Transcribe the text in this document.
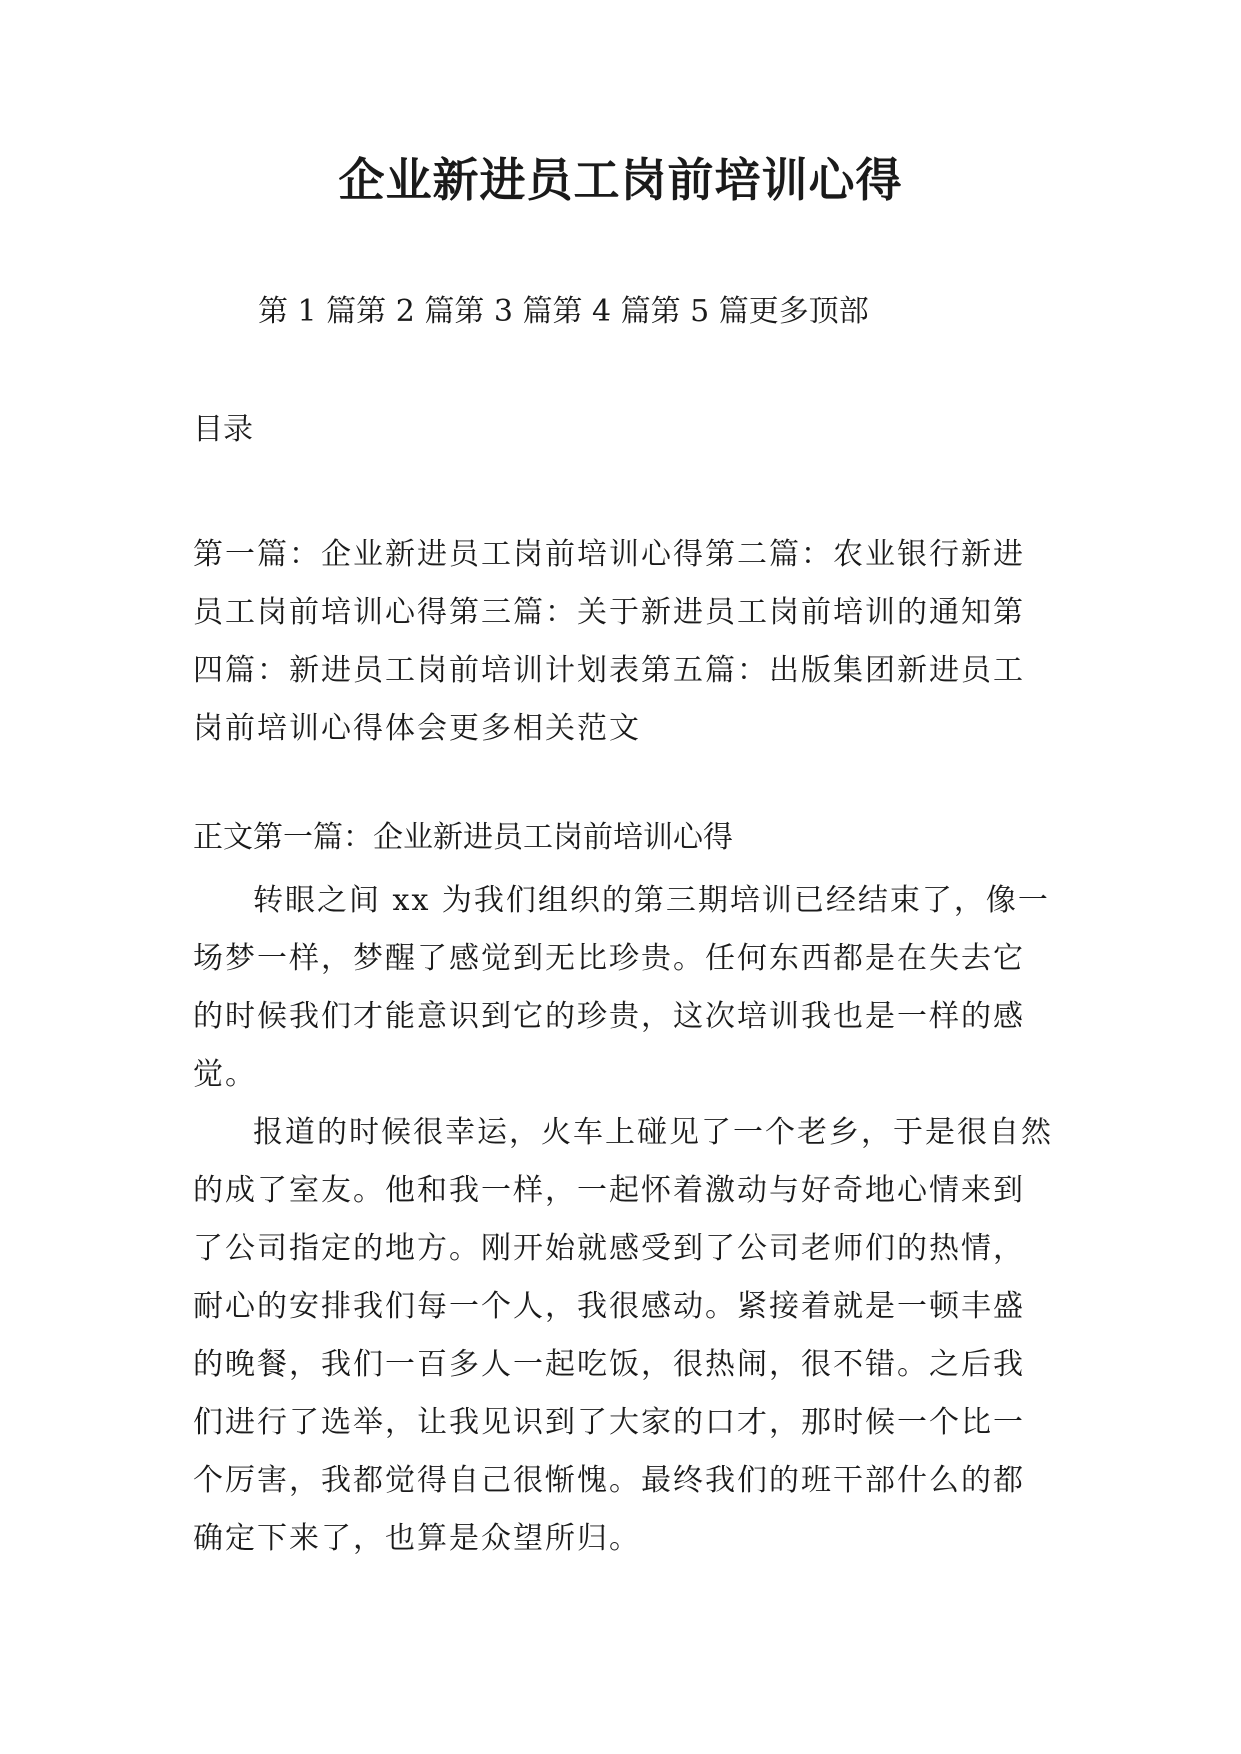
企业新进员工岗前培训心得
第 1 篇第 2 篇第 3 篇第 4 篇第 5 篇更多顶部
目录
第一篇：企业新进员工岗前培训心得第二篇：农业银行新进员工岗前培训心得第三篇：关于新进员工岗前培训的通知第四篇：新进员工岗前培训计划表第五篇：出版集团新进员工岗前培训心得体会更多相关范文
正文第一篇：企业新进员工岗前培训心得

转眼之间 xx 为我们组织的第三期培训已经结束了，像一场梦一样，梦醒了感觉到无比珍贵。任何东西都是在失去它的时候我们才能意识到它的珍贵，这次培训我也是一样的感觉。

报道的时候很幸运，火车上碰见了一个老乡，于是很自然的成了室友。他和我一样，一起怀着激动与好奇地心情来到了公司指定的地方。刚开始就感受到了公司老师们的热情，耐心的安排我们每一个人，我很感动。紧接着就是一顿丰盛的晚餐，我们一百多人一起吃饭，很热闹，很不错。之后我们进行了选举，让我见识到了大家的口才，那时候一个比一个厉害，我都觉得自己很惭愧。最终我们的班干部什么的都确定下来了，也算是众望所归。
